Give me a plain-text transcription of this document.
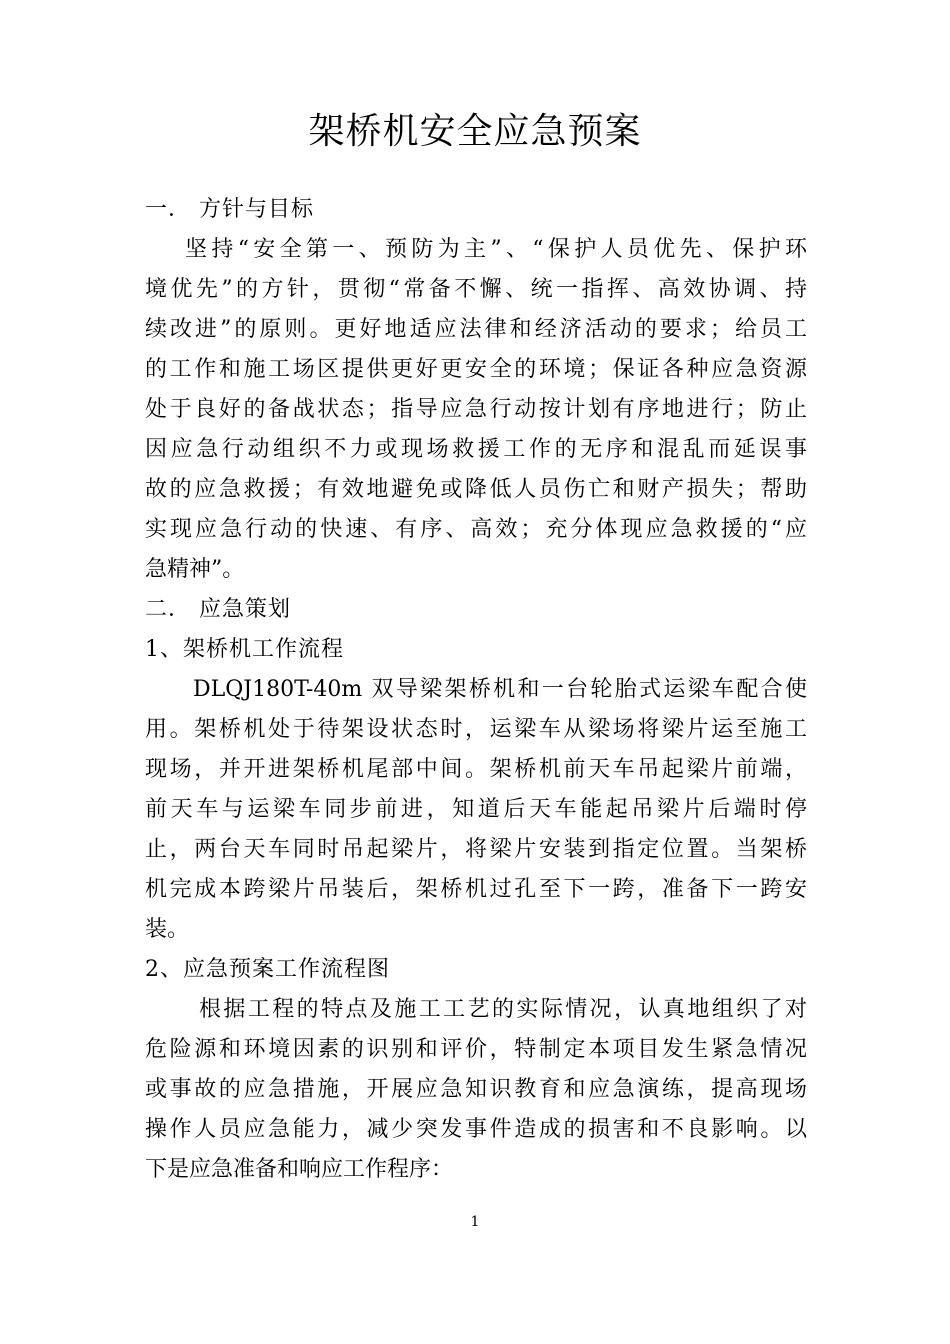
架桥机安全应急预案

一． 方针与目标

坚持“安全第一、预防为主”、“保护人员优先、保护环

境优先”的方针，贯彻“常备不懈、统一指挥、高效协调、持

续改进”的原则。更好地适应法律和经济活动的要求；给员工

的工作和施工场区提供更好更安全的环境；保证各种应急资源

处于良好的备战状态；指导应急行动按计划有序地进行；防止

因应急行动组织不力或现场救援工作的无序和混乱而延误事

故的应急救援；有效地避免或降低人员伤亡和财产损失；帮助

实现应急行动的快速、有序、高效；充分体现应急救援的“应

急精神”。

二． 应急策划

1、架桥机工作流程

DLQJ180T-40m 双导梁架桥机和一台轮胎式运梁车配合使

用。架桥机处于待架设状态时，运梁车从梁场将梁片运至施工

现场，并开进架桥机尾部中间。架桥机前天车吊起梁片前端，

前天车与运梁车同步前进，知道后天车能起吊梁片后端时停

止，两台天车同时吊起梁片，将梁片安装到指定位置。当架桥

机完成本跨梁片吊装后，架桥机过孔至下一跨，准备下一跨安

装。

2、应急预案工作流程图

根据工程的特点及施工工艺的实际情况，认真地组织了对

危险源和环境因素的识别和评价，特制定本项目发生紧急情况

或事故的应急措施，开展应急知识教育和应急演练，提高现场

操作人员应急能力，减少突发事件造成的损害和不良影响。以

下是应急准备和响应工作程序：

1
